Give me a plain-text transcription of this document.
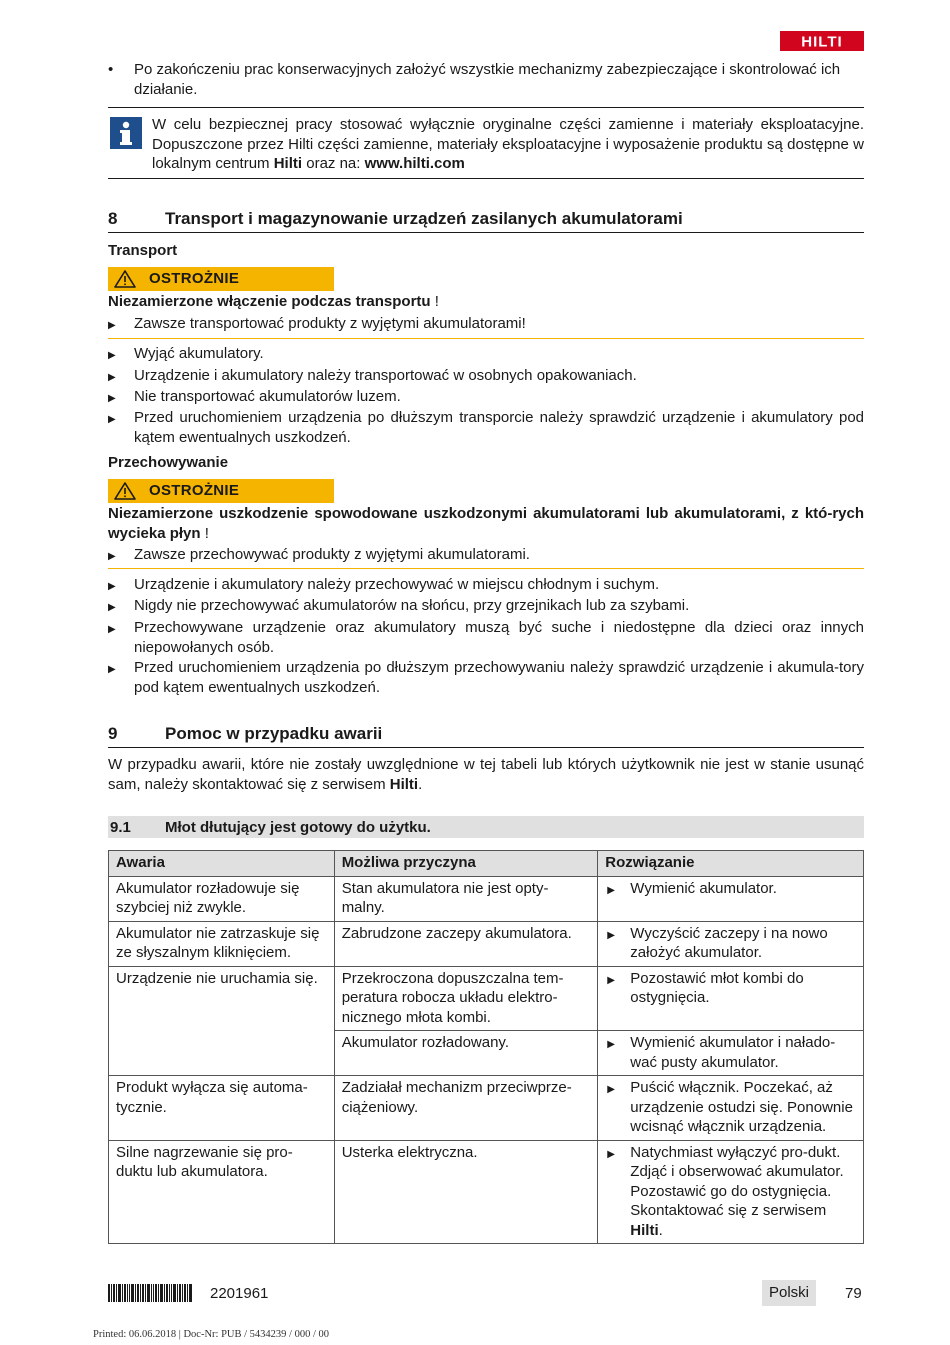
HILTI
• Po zakończeniu prac konserwacyjnych założyć wszystkie mechanizmy zabezpieczające i skontrolować ich działanie.
W celu bezpiecznej pracy stosować wyłącznie oryginalne części zamienne i materiały eksploatacyjne. Dopuszczone przez Hilti części zamienne, materiały eksploatacyjne i wyposażenie produktu są dostępne w lokalnym centrum Hilti oraz na: www.hilti.com
8	Transport i magazynowanie urządzeń zasilanych akumulatorami
Transport
OSTROŻNIE
Niezamierzone włączenie podczas transportu !
▶ Zawsze transportować produkty z wyjętymi akumulatorami!
▶ Wyjąć akumulatory.
▶ Urządzenie i akumulatory należy transportować w osobnych opakowaniach.
▶ Nie transportować akumulatorów luzem.
▶ Przed uruchomieniem urządzenia po dłuższym transporcie należy sprawdzić urządzenie i akumulatory pod kątem ewentualnych uszkodzeń.
Przechowywanie
OSTROŻNIE
Niezamierzone uszkodzenie spowodowane uszkodzonymi akumulatorami lub akumulatorami, z któ-rych wycieka płyn !
▶ Zawsze przechowywać produkty z wyjętymi akumulatorami.
▶ Urządzenie i akumulatory należy przechowywać w miejscu chłodnym i suchym.
▶ Nigdy nie przechowywać akumulatorów na słońcu, przy grzejnikach lub za szybami.
▶ Przechowywane urządzenie oraz akumulatory muszą być suche i niedostępne dla dzieci oraz innych niepowołanych osób.
▶ Przed uruchomieniem urządzenia po dłuższym przechowywaniu należy sprawdzić urządzenie i akumula-tory pod kątem ewentualnych uszkodzeń.
9	Pomoc w przypadku awarii
W przypadku awarii, które nie zostały uwzględnione w tej tabeli lub których użytkownik nie jest w stanie usunąć sam, należy skontaktować się z serwisem Hilti.
9.1 Młot dłutujący jest gotowy do użytku.
Awaria	Możliwa przyczyna	Rozwiązanie
Akumulator rozładowuje się szybciej niż zwykle.	Stan akumulatora nie jest opty-malny.	▶ Wymienić akumulator.
Akumulator nie zatrzaskuje się ze słyszalnym kliknięciem.	Zabrudzone zaczepy akumulatora.	▶ Wyczyścić zaczepy i na nowo założyć akumulator.
Urządzenie nie uruchamia się.	Przekroczona dopuszczalna tem-peratura robocza układu elektro-nicznego młota kombi.	▶ Pozostawić młot kombi do ostygnięcia.
	Akumulator rozładowany.	▶ Wymienić akumulator i nałado-wać pusty akumulator.
Produkt wyłącza się automa-tycznie.	Zadziałał mechanizm przeciwprze-ciążeniowy.	▶ Puścić włącznik. Poczekać, aż urządzenie ostudzi się. Ponownie wcisnąć włącznik urządzenia.
Silne nagrzewanie się pro-duktu lub akumulatora.	Usterka elektryczna.	▶ Natychmiast wyłączyć pro-dukt. Zdjąć i obserwować akumulator. Pozostawić go do ostygnięcia. Skontaktować się z serwisem Hilti.
2201961	Polski	79
Printed: 06.06.2018 | Doc-Nr: PUB / 5434239 / 000 / 00
